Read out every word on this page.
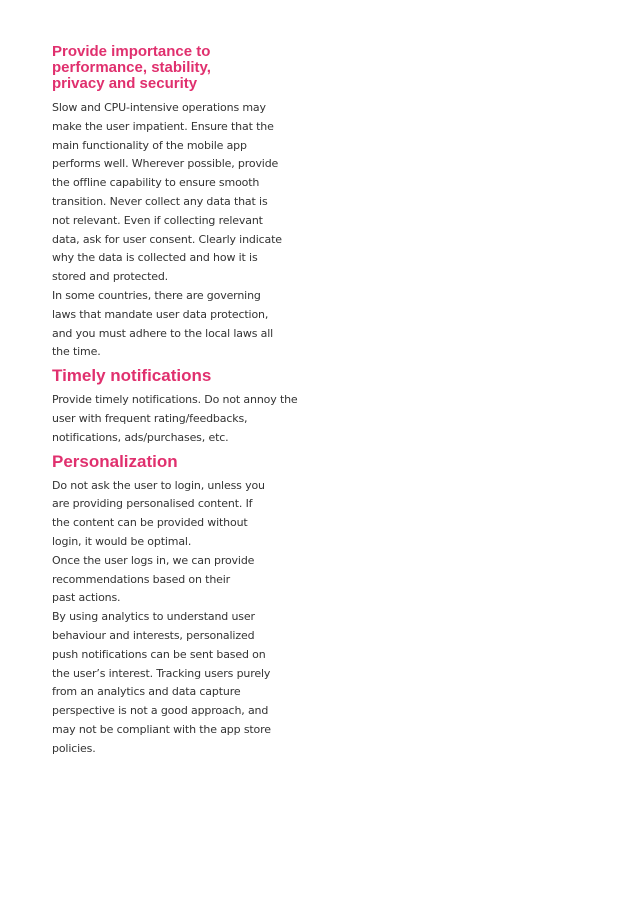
Provide importance to
performance, stability,
privacy and security

Slow and CPU-intensive operations may
make the user impatient. Ensure that the
main functionality of the mobile app
performs well. Wherever possible, provide
the offline capability to ensure smooth
transition. Never collect any data that is
not relevant. Even if collecting relevant
data, ask for user consent. Clearly indicate
why the data is collected and how it is
stored and protected.

In some countries, there are governing
laws that mandate user data protection,
and you must adhere to the local laws all
the time.

Timely notifications

Provide timely notifications. Do not annoy the
user with frequent rating/feedbacks,
notifications, ads/purchases, etc.

Personalization

Do not ask the user to login, unless you
are providing personalised content. If
the content can be provided without
login, it would be optimal.

Once the user logs in, we can provide
recommendations based on their
past actions.

By using analytics to understand user
behaviour and interests, personalized
push notifications can be sent based on
the user’s interest. Tracking users purely
from an analytics and data capture
perspective is not a good approach, and
may not be compliant with the app store
policies.
